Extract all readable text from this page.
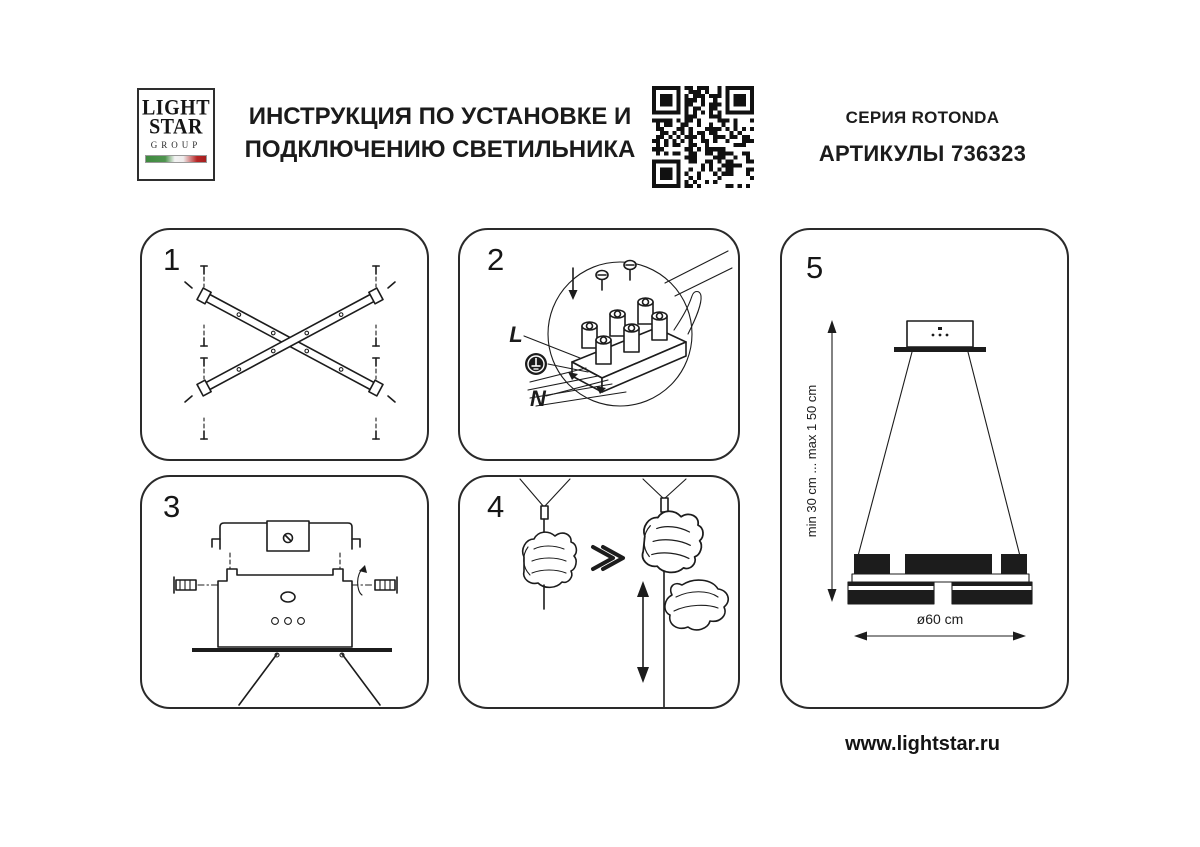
LIGHT
STAR
GROUP
ИНСТРУКЦИЯ ПО УСТАНОВКЕ И
ПОДКЛЮЧЕНИЮ СВЕТИЛЬНИКА
СЕРИЯ ROTONDA
АРТИКУЛЫ 736323
1	2
L
N
3	4
5
min 30 cm ... max 1 50 cm
ø60 cm
www.lightstar.ru
